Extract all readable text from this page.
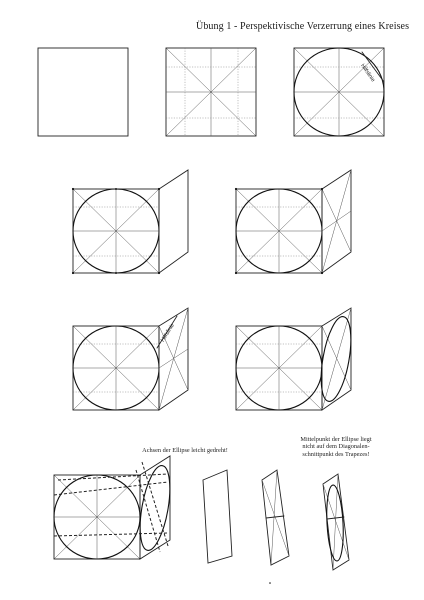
Übung 1 - Perspektivische Verzerrung eines Kreises
Hilfslinie
Hilfslinie
Achsen der Ellipse leicht gedreht!
Mittelpunkt der Ellipse liegt nicht auf dem Diagonalen-schnittpunkt des Trapezes!
